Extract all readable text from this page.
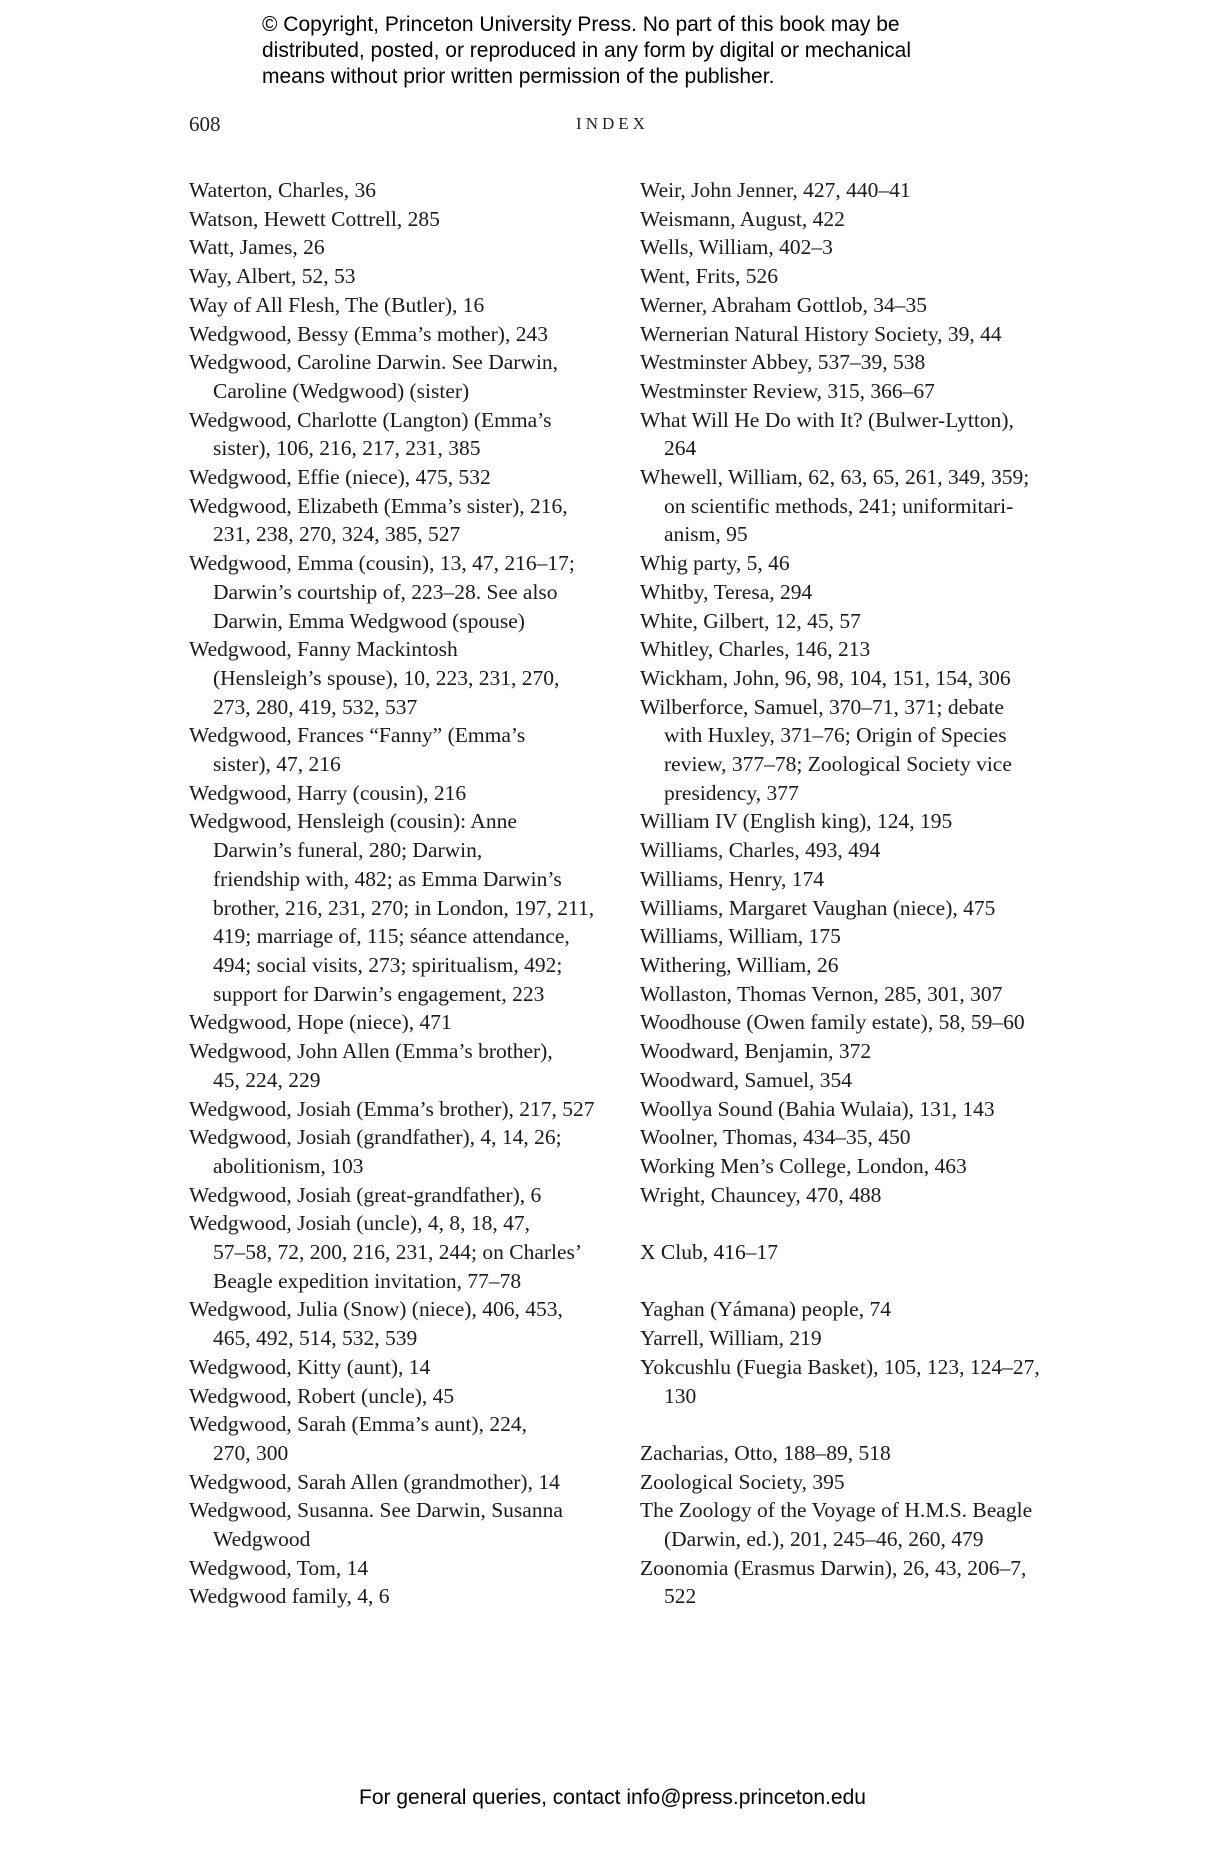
© Copyright, Princeton University Press. No part of this book may be
distributed, posted, or reproduced in any form by digital or mechanical
means without prior written permission of the publisher.
608	INDEX
Waterton, Charles, 36
Watson, Hewett Cottrell, 285
Watt, James, 26
Way, Albert, 52, 53
Way of All Flesh, The (Butler), 16
Wedgwood, Bessy (Emma’s mother), 243
Wedgwood, Caroline Darwin. See Darwin,
Caroline (Wedgwood) (sister)
Wedgwood, Charlotte (Langton) (Emma’s
sister), 106, 216, 217, 231, 385
Wedgwood, Effie (niece), 475, 532
Wedgwood, Elizabeth (Emma’s sister), 216,
231, 238, 270, 324, 385, 527
Wedgwood, Emma (cousin), 13, 47, 216–17;
Darwin’s courtship of, 223–28. See also
Darwin, Emma Wedgwood (spouse)
Wedgwood, Fanny Mackintosh
(Hensleigh’s spouse), 10, 223, 231, 270,
273, 280, 419, 532, 537
Wedgwood, Frances “Fanny” (Emma’s
sister), 47, 216
Wedgwood, Harry (cousin), 216
Wedgwood, Hensleigh (cousin): Anne
Darwin’s funeral, 280; Darwin,
friendship with, 482; as Emma Darwin’s
brother, 216, 231, 270; in London, 197, 211,
419; marriage of, 115; séance attendance,
494; social visits, 273; spiritualism, 492;
support for Darwin’s engagement, 223
Wedgwood, Hope (niece), 471
Wedgwood, John Allen (Emma’s brother),
45, 224, 229
Wedgwood, Josiah (Emma’s brother), 217, 527
Wedgwood, Josiah (grandfather), 4, 14, 26;
abolitionism, 103
Wedgwood, Josiah (great-grandfather), 6
Wedgwood, Josiah (uncle), 4, 8, 18, 47,
57–58, 72, 200, 216, 231, 244; on Charles’
Beagle expedition invitation, 77–78
Wedgwood, Julia (Snow) (niece), 406, 453,
465, 492, 514, 532, 539
Wedgwood, Kitty (aunt), 14
Wedgwood, Robert (uncle), 45
Wedgwood, Sarah (Emma’s aunt), 224,
270, 300
Wedgwood, Sarah Allen (grandmother), 14
Wedgwood, Susanna. See Darwin, Susanna
Wedgwood
Wedgwood, Tom, 14
Wedgwood family, 4, 6
Weir, John Jenner, 427, 440–41
Weismann, August, 422
Wells, William, 402–3
Went, Frits, 526
Werner, Abraham Gottlob, 34–35
Wernerian Natural History Society, 39, 44
Westminster Abbey, 537–39, 538
Westminster Review, 315, 366–67
What Will He Do with It? (Bulwer-Lytton),
264
Whewell, William, 62, 63, 65, 261, 349, 359;
on scientific methods, 241; uniformitari-
anism, 95
Whig party, 5, 46
Whitby, Teresa, 294
White, Gilbert, 12, 45, 57
Whitley, Charles, 146, 213
Wickham, John, 96, 98, 104, 151, 154, 306
Wilberforce, Samuel, 370–71, 371; debate
with Huxley, 371–76; Origin of Species
review, 377–78; Zoological Society vice
presidency, 377
William IV (English king), 124, 195
Williams, Charles, 493, 494
Williams, Henry, 174
Williams, Margaret Vaughan (niece), 475
Williams, William, 175
Withering, William, 26
Wollaston, Thomas Vernon, 285, 301, 307
Woodhouse (Owen family estate), 58, 59–60
Woodward, Benjamin, 372
Woodward, Samuel, 354
Woollya Sound (Bahia Wulaia), 131, 143
Woolner, Thomas, 434–35, 450
Working Men’s College, London, 463
Wright, Chauncey, 470, 488
X Club, 416–17
Yaghan (Yámana) people, 74
Yarrell, William, 219
Yokcushlu (Fuegia Basket), 105, 123, 124–27,
130
Zacharias, Otto, 188–89, 518
Zoological Society, 395
The Zoology of the Voyage of H.M.S. Beagle
(Darwin, ed.), 201, 245–46, 260, 479
Zoonomia (Erasmus Darwin), 26, 43, 206–7,
522
For general queries, contact info@press.princeton.edu
